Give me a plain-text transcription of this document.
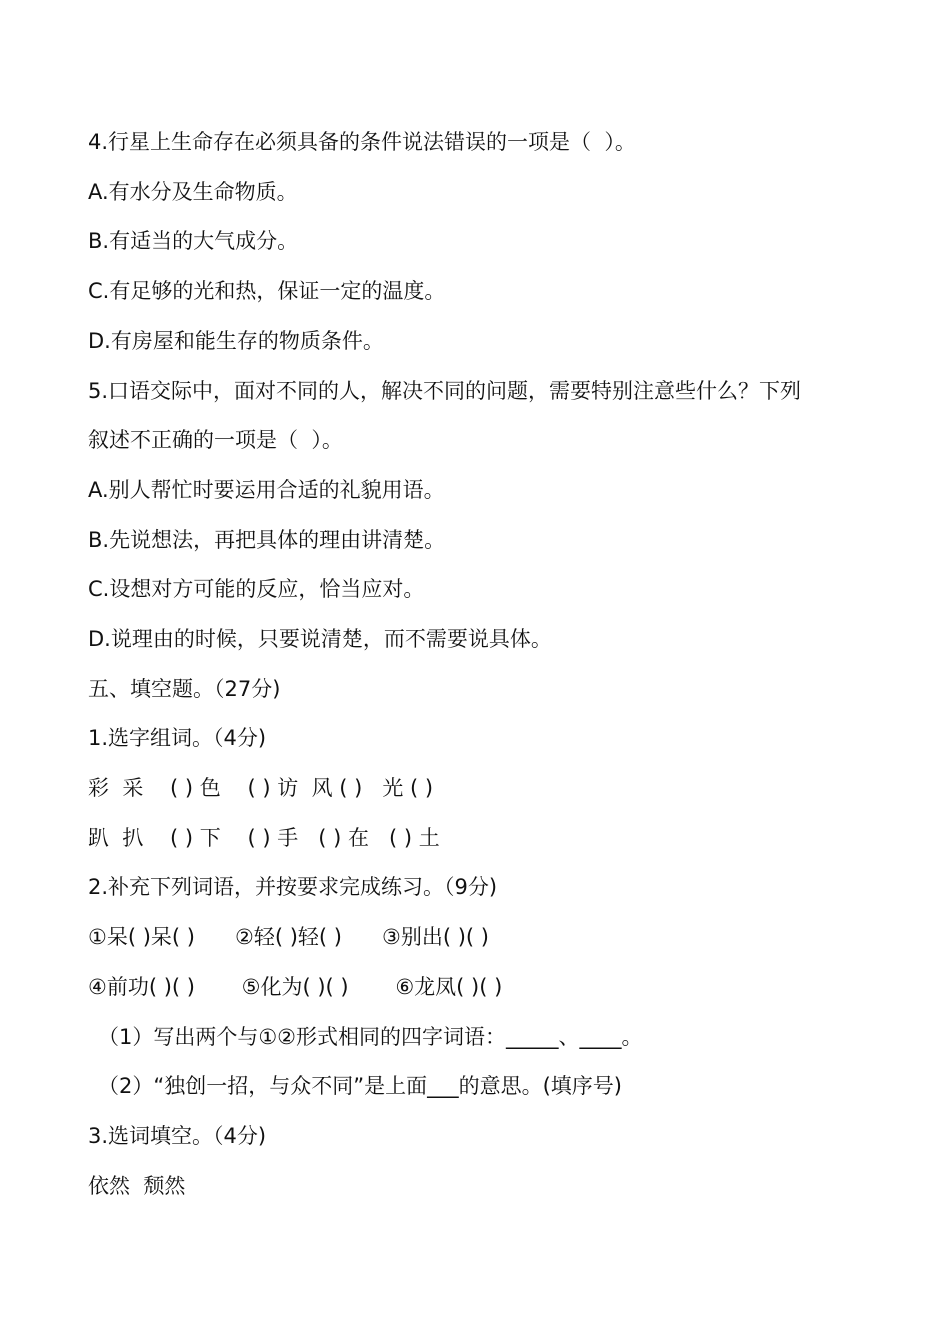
4.行星上生命存在必须具备的条件说法错误的一项是（  ）。
A.有水分及生命物质。
B.有适当的大气成分。
C.有足够的光和热，保证一定的温度。
D.有房屋和能生存的物质条件。
5.口语交际中，面对不同的人，解决不同的问题，需要特别注意些什么？下列
叙述不正确的一项是（  ）。
A.别人帮忙时要运用合适的礼貌用语。
B.先说想法，再把具体的理由讲清楚。
C.设想对方可能的反应，恰当应对。
D.说理由的时候，只要说清楚，而不需要说具体。
五、填空题。（27分)
1.选字组词。（4分)
彩  采    ( ) 色    ( ) 访  风 ( )   光 ( )
趴  扒    ( ) 下    ( ) 手   ( ) 在   ( ) 土
2.补充下列词语，并按要求完成练习。（9分)
①呆( )呆( )      ②轻( )轻( )      ③别出( )( )
④前功( )( )       ⑤化为( )( )       ⑥龙凤( )( )
（1）写出两个与①②形式相同的四字词语：_____、____。
（2）“独创一招，与众不同”是上面___的意思。(填序号)
3.选词填空。（4分)
依然  颓然
